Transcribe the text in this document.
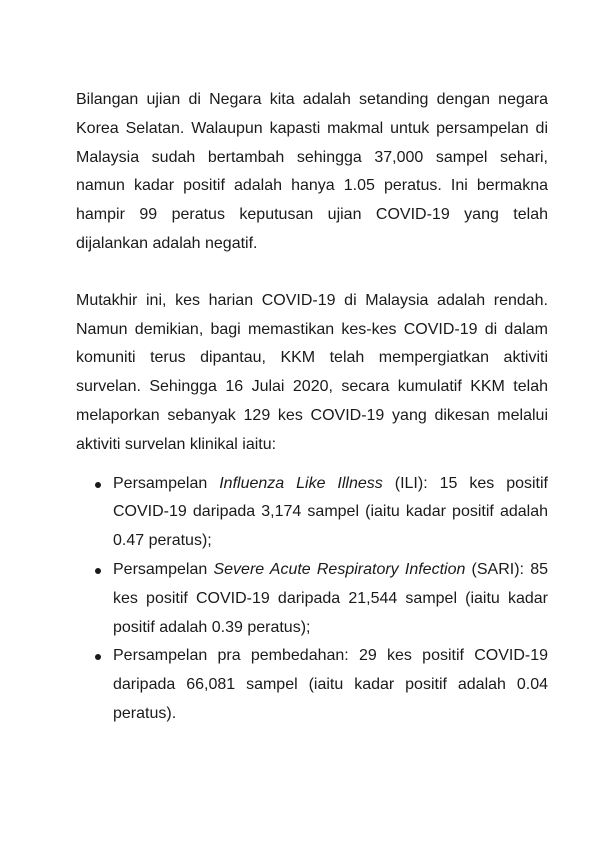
Bilangan ujian di Negara kita adalah setanding dengan negara Korea Selatan. Walaupun kapasti makmal untuk persampelan di Malaysia sudah bertambah sehingga 37,000 sampel sehari, namun kadar positif adalah hanya 1.05 peratus. Ini bermakna hampir 99 peratus keputusan ujian COVID-19 yang telah dijalankan adalah negatif.

Mutakhir ini, kes harian COVID-19 di Malaysia adalah rendah. Namun demikian, bagi memastikan kes-kes COVID-19 di dalam komuniti terus dipantau, KKM telah mempergiatkan aktiviti survelan. Sehingga 16 Julai 2020, secara kumulatif KKM telah melaporkan sebanyak 129 kes COVID-19 yang dikesan melalui aktiviti survelan klinikal iaitu:

Persampelan Influenza Like Illness (ILI): 15 kes positif COVID-19 daripada 3,174 sampel (iaitu kadar positif adalah 0.47 peratus);
Persampelan Severe Acute Respiratory Infection (SARI): 85 kes positif COVID-19 daripada 21,544 sampel (iaitu kadar positif adalah 0.39 peratus);
Persampelan pra pembedahan: 29 kes positif COVID-19 daripada 66,081 sampel (iaitu kadar positif adalah 0.04 peratus).
